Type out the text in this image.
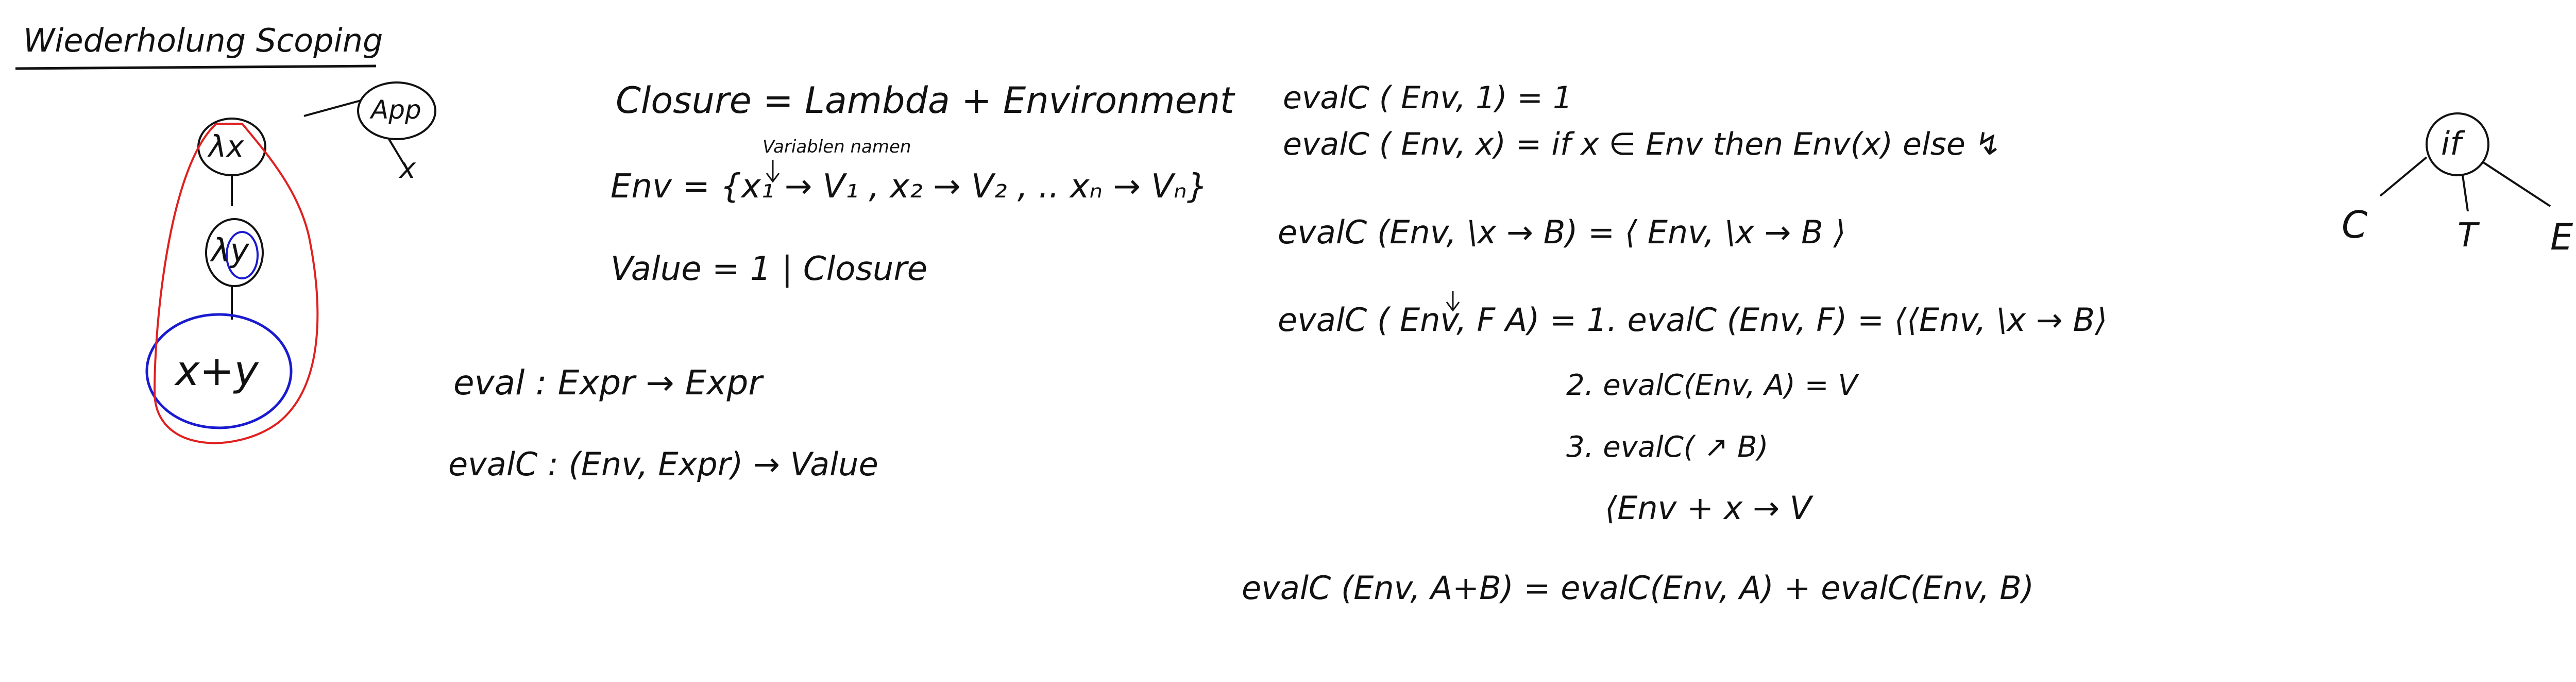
Wiederholung Scoping
App
x
λx
λy
x+y
Closure = Lambda + Environment
Variablen namen
Env = {x₁ → V₁ , x₂ → V₂ , .. xₙ → Vₙ}
Value = 1 | Closure
eval : Expr → Expr
evalC : (Env, Expr) → Value
evalC ( Env, 1) = 1
evalC ( Env, x) = if x ∈ Env then Env(x) else ↯
evalC (Env, \x → B) = ⟨ Env, \x → B ⟩
evalC ( Env, F A) = 1. evalC (Env, F) = ⟨⟨Env, \x → B⟩
2. evalC(Env, A) = V
3. evalC( ↗ B)
⟨Env + x → V
evalC (Env, A+B) = evalC(Env, A) + evalC(Env, B)
if
C	T E
